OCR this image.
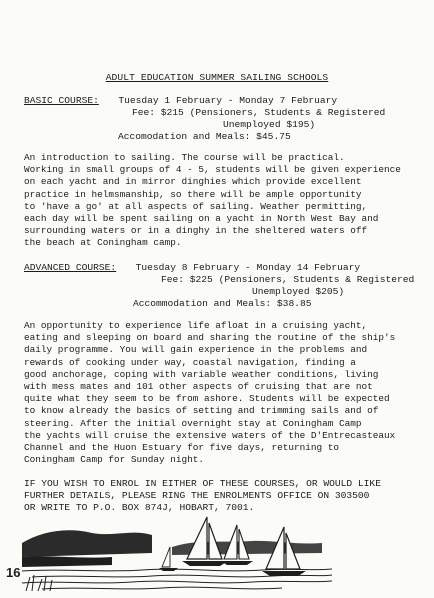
ADULT EDUCATION SUMMER SAILING SCHOOLS
BASIC COURSE: Tuesday 1 February - Monday 7 February
Fee: $215 (Pensioners, Students & Registered
Unemployed $195)
Accomodation and Meals: $45.75
An introduction to sailing. The course will be practical.
Working in small groups of 4 - 5, students will be given experience
on each yacht and in mirror dinghies which provide excellent
practice in helmsmanship, so there will be ample opportunity
to 'have a go' at all aspects of sailing. Weather permitting,
each day will be spent sailing on a yacht in North West Bay and
surrounding waters or in a dinghy in the sheltered waters off
the beach at Coningham camp.
ADVANCED COURSE: Tuesday 8 February - Monday 14 February
Fee: $225 (Pensioners, Students & Registered
Unemployed $205)
Accommodation and Meals: $38.85
An opportunity to experience life afloat in a cruising yacht,
eating and sleeping on board and sharing the routine of the ship's
daily programme. You will gain experience in the problems and
rewards of cooking under way, coastal navigation, finding a
good anchorage, coping with variable weather conditions, living
with mess mates and 101 other aspects of cruising that are not
quite what they seem to be from ashore. Students will be expected
to know already the basics of setting and trimming sails and of
steering. After the initial overnight stay at Coningham Camp
the yachts will cruise the extensive waters of the D'Entrecasteaux
Channel and the Huon Estuary for five days, returning to
Coningham Camp for Sunday night.
IF YOU WISH TO ENROL IN EITHER OF THESE COURSES, OR WOULD LIKE
FURTHER DETAILS, PLEASE RING THE ENROLMENTS OFFICE ON 303500
OR WRITE TO P.O. BOX 874J, HOBART, 7001.
16
